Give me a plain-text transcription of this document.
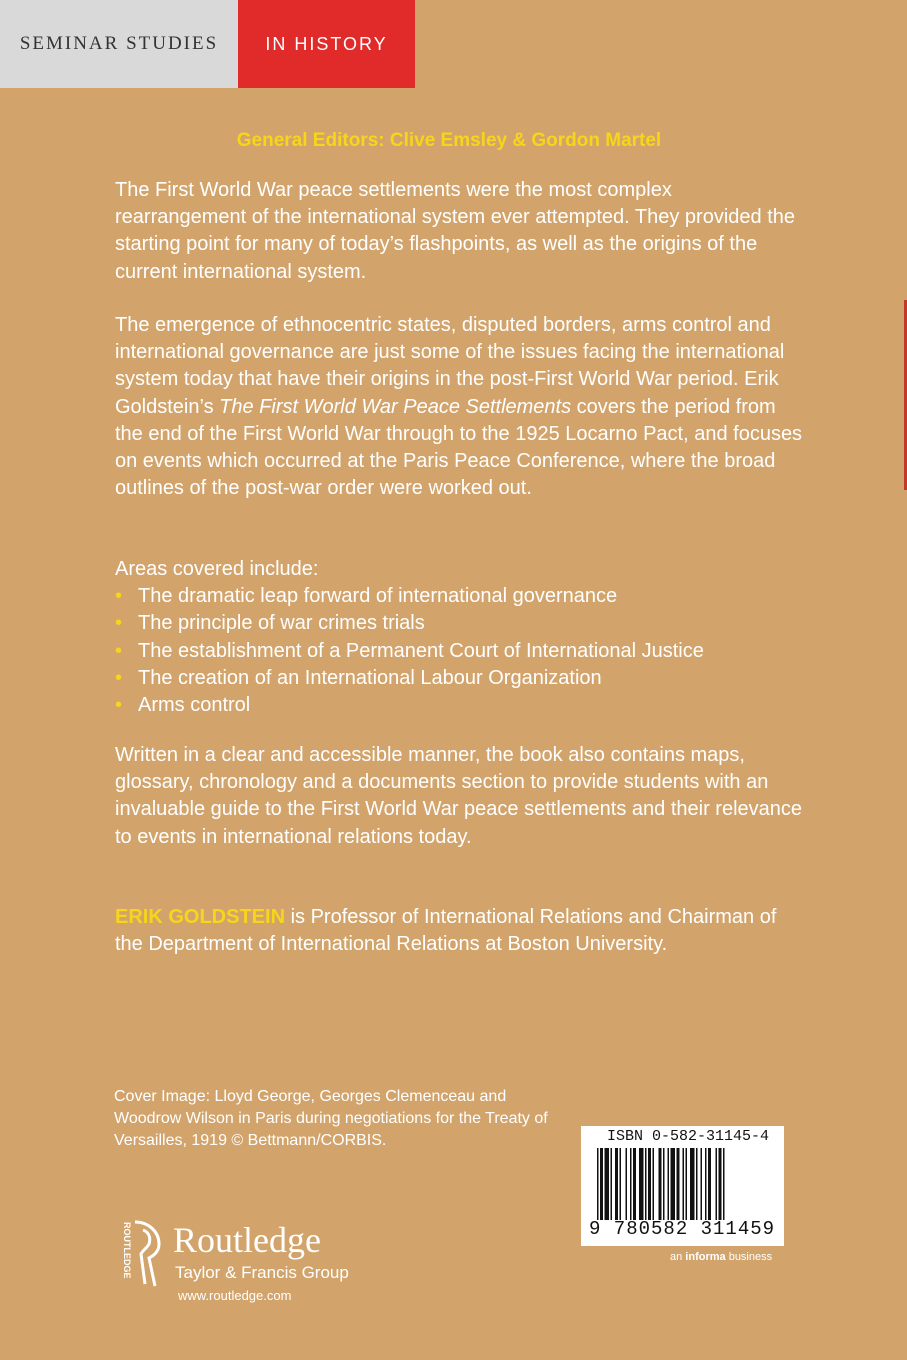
SEMINAR STUDIES	IN HISTORY
General Editors: Clive Emsley & Gordon Martel
The First World War peace settlements were the most complex rearrangement of the international system ever attempted. They provided the starting point for many of today’s flashpoints, as well as the origins of the current international system.
The emergence of ethnocentric states, disputed borders, arms control and international governance are just some of the issues facing the international system today that have their origins in the post-First World War period. Erik Goldstein’s The First World War Peace Settlements covers the period from the end of the First World War through to the 1925 Locarno Pact, and focuses on events which occurred at the Paris Peace Conference, where the broad outlines of the post-war order were worked out.
Areas covered include:
• The dramatic leap forward of international governance
• The principle of war crimes trials
• The establishment of a Permanent Court of International Justice
• The creation of an International Labour Organization
• Arms control
Written in a clear and accessible manner, the book also contains maps, glossary, chronology and a documents section to provide students with an invaluable guide to the First World War peace settlements and their relevance to events in international relations today.
ERIK GOLDSTEIN is Professor of International Relations and Chairman of the Department of International Relations at Boston University.
Cover Image: Lloyd George, Georges Clemenceau and Woodrow Wilson in Paris during negotiations for the Treaty of Versailles, 1919 © Bettmann/CORBIS.
ROUTLEDGE Routledge
Taylor & Francis Group
www.routledge.com
ISBN 0-582-31145-4
9 780582 311459
an informa business
